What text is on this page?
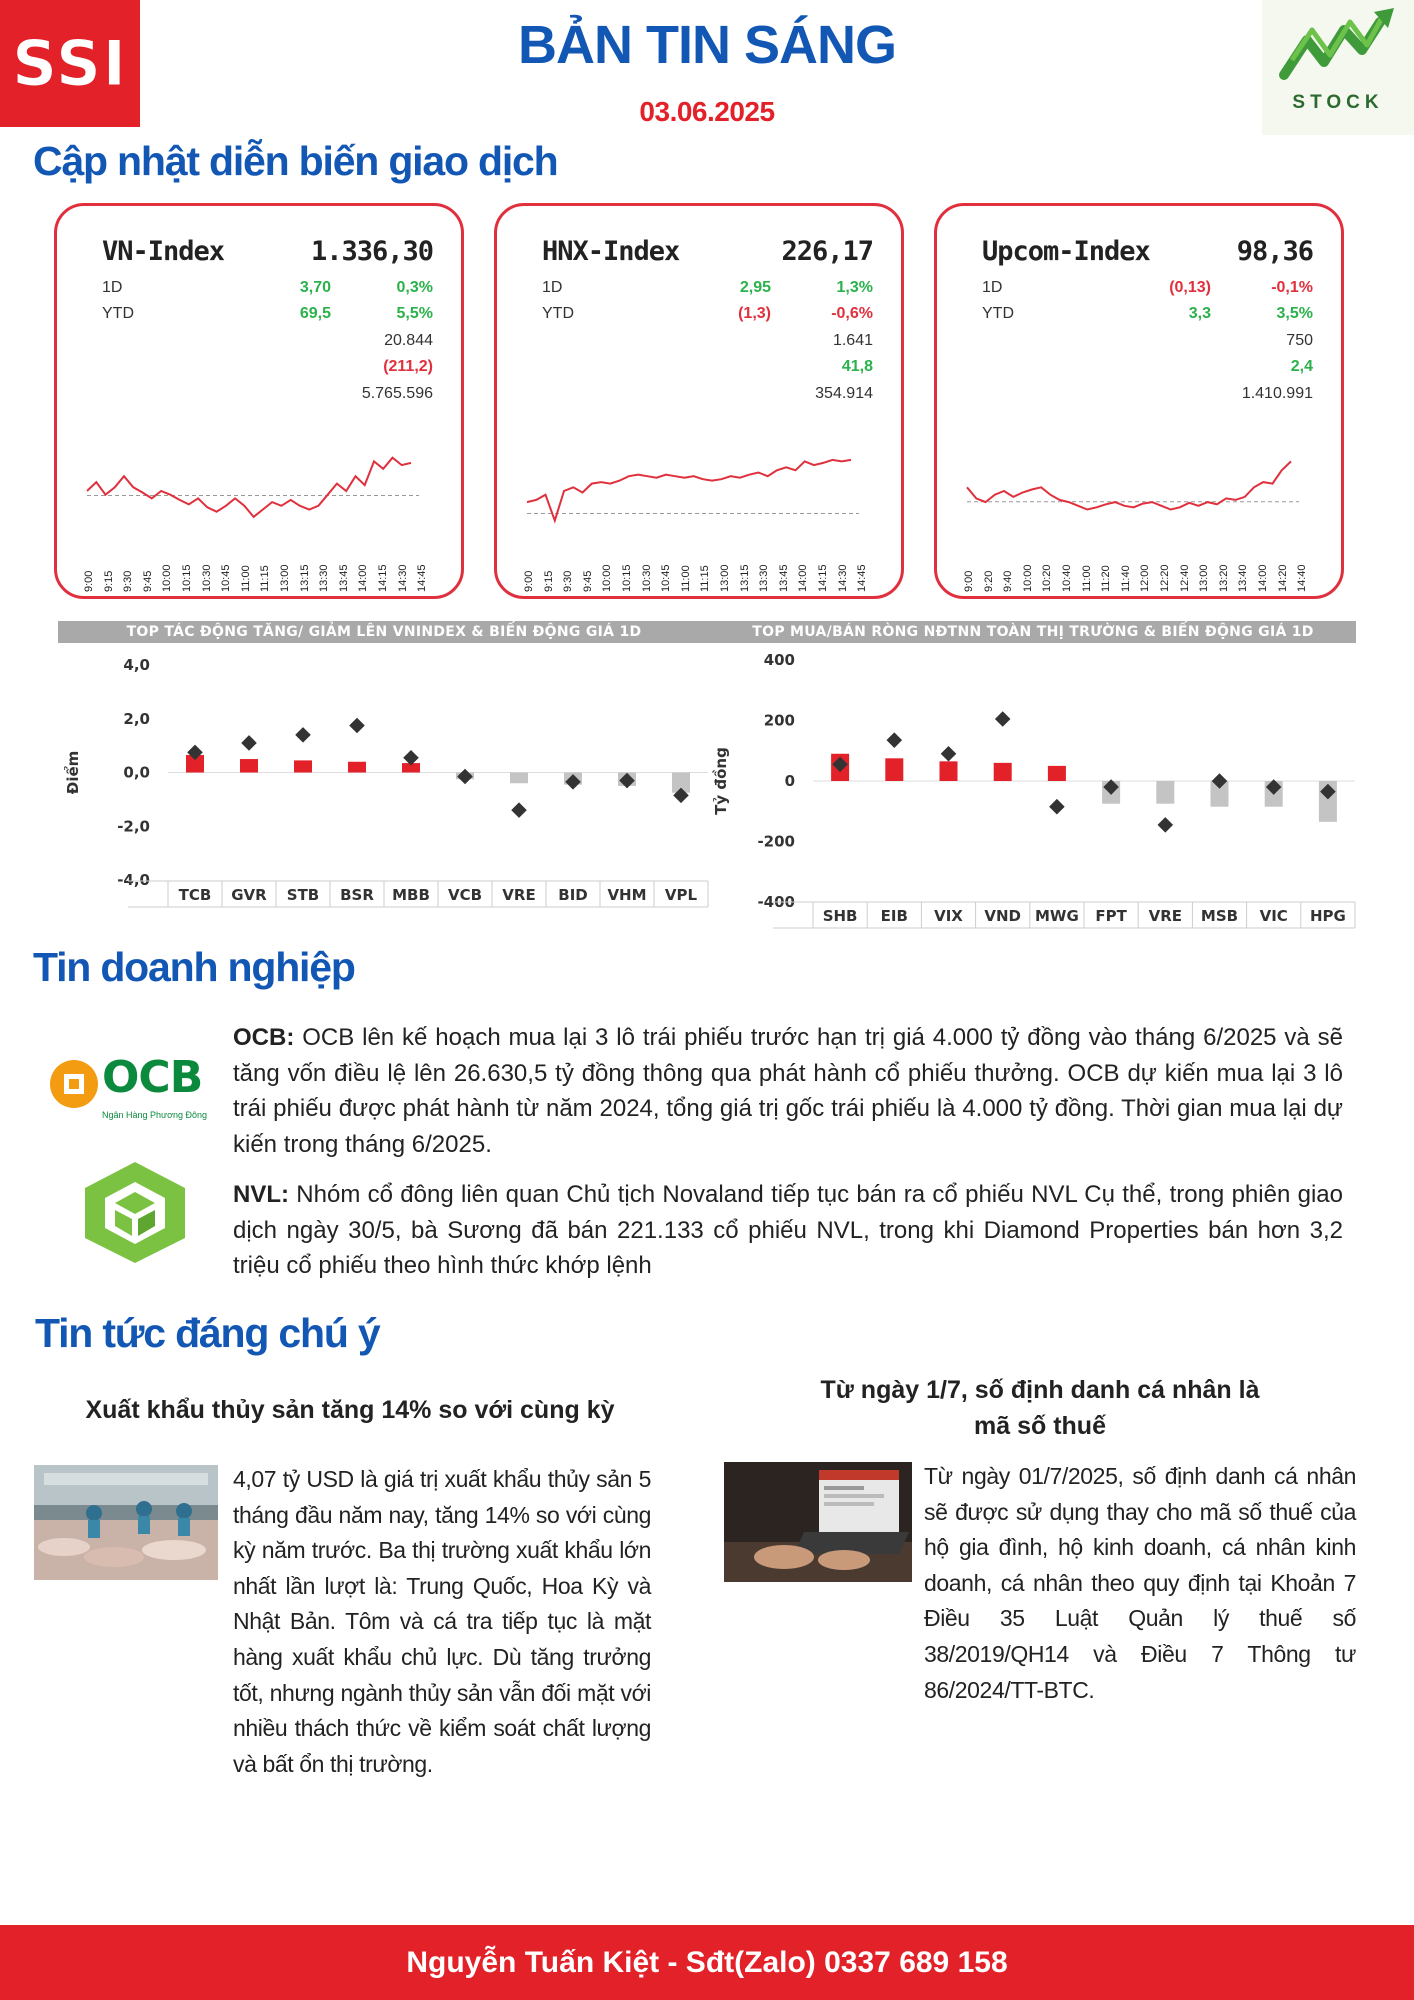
SSI	BẢN TIN SÁNG
03.06.2025	STOCK
Cập nhật diễn biến giao dịch
VN-Index	1.336,30
1D	3,70	0,3%
YTD	69,5	5,5%
20.844
(211,2)
5.765.596
9:00 9:15 9:30 9:45 10:00 10:15 10:30 10:45 11:00 11:15 13:00 13:15 13:30 13:45 14:00 14:15 14:30 14:45
HNX-Index	226,17
1D	2,95	1,3%
YTD	(1,3)	-0,6%
1.641
41,8
354.914
9:00 9:15 9:30 9:45 10:00 10:15 10:30 10:45 11:00 11:15 13:00 13:15 13:30 13:45 14:00 14:15 14:30 14:45
Upcom-Index	98,36
1D	(0,13)	-0,1%
YTD	3,3	3,5%
750
2,4
1.410.991
9:00 9:20 9:40 10:00 10:20 10:40 11:00 11:20 11:40 12:00 12:20 12:40 13:00 13:20 13:40 14:00 14:20 14:40
TOP TÁC ĐỘNG TĂNG/ GIẢM LÊN VNINDEX & BIẾN ĐỘNG GIÁ 1D	TOP MUA/BÁN RÒNG NĐTNN TOÀN THỊ TRƯỜNG & BIẾN ĐỘNG GIÁ 1D
Điểm
4,0
2,0
0,0
-2,0
-4,0
TCB GVR STB BSR MBB VCB VRE BID VHM VPL
Tỷ đồng
400
200
0
-200
-400
SHB EIB VIX VND MWG FPT VRE MSB VIC HPG
Tin doanh nghiệp
OCB
Ngân Hàng Phương Đông
OCB: OCB lên kế hoạch mua lại 3 lô trái phiếu trước hạn trị giá 4.000 tỷ đồng vào tháng 6/2025 và sẽ tăng vốn điều lệ lên 26.630,5 tỷ đồng thông qua phát hành cổ phiếu thưởng. OCB dự kiến mua lại 3 lô trái phiếu được phát hành từ năm 2024, tổng giá trị gốc trái phiếu là 4.000 tỷ đồng. Thời gian mua lại dự kiến trong tháng 6/2025.
NVL: Nhóm cổ đông liên quan Chủ tịch Novaland tiếp tục bán ra cổ phiếu NVL Cụ thể, trong phiên giao dịch ngày 30/5, bà Sương đã bán 221.133 cổ phiếu NVL, trong khi Diamond Properties bán hơn 3,2 triệu cổ phiếu theo hình thức khớp lệnh
Tin tức đáng chú ý
Xuất khẩu thủy sản tăng 14% so với cùng kỳ
Từ ngày 1/7, số định danh cá nhân là
mã số thuế
4,07 tỷ USD là giá trị xuất khẩu thủy sản 5 tháng đầu năm nay, tăng 14% so với cùng kỳ năm trước. Ba thị trường xuất khẩu lớn nhất lần lượt là: Trung Quốc, Hoa Kỳ và Nhật Bản. Tôm và cá tra tiếp tục là mặt hàng xuất khẩu chủ lực. Dù tăng trưởng tốt, nhưng ngành thủy sản vẫn đối mặt với nhiều thách thức về kiểm soát chất lượng và bất ổn thị trường.
Từ ngày 01/7/2025, số định danh cá nhân sẽ được sử dụng thay cho mã số thuế của hộ gia đình, hộ kinh doanh, cá nhân kinh doanh, cá nhân theo quy định tại Khoản 7 Điều 35 Luật Quản lý thuế số 38/2019/QH14 và Điều 7 Thông tư 86/2024/TT-BTC.
Nguyễn Tuấn Kiệt - Sđt(Zalo) 0337 689 158
